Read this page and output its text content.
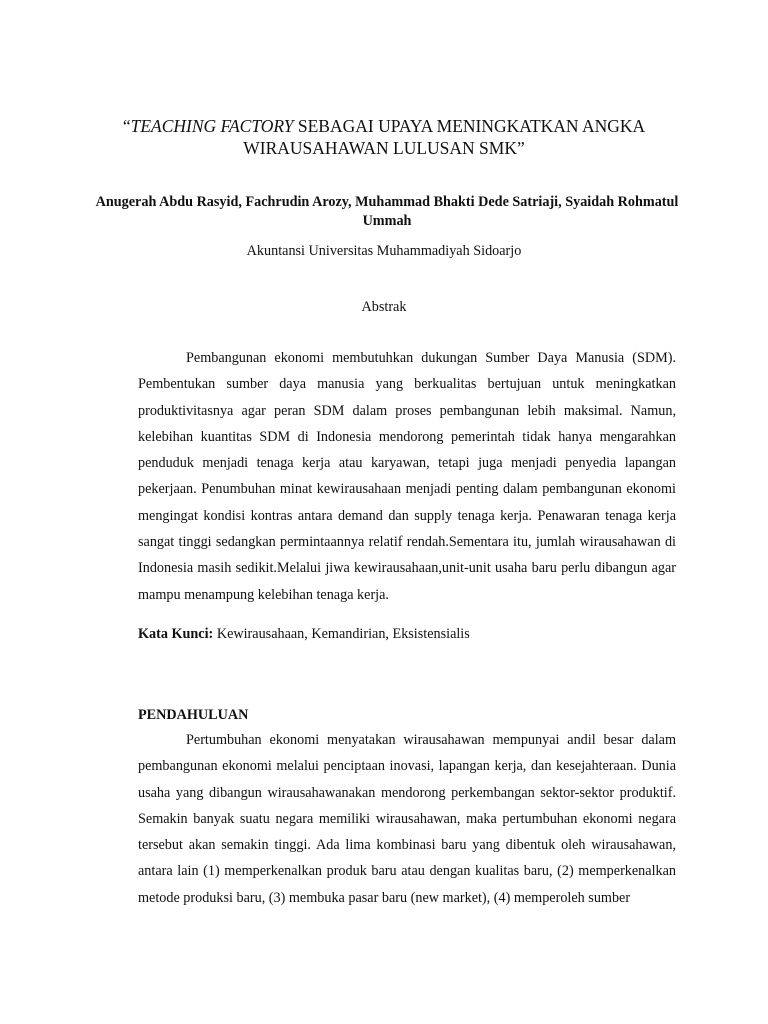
“TEACHING FACTORY SEBAGAI UPAYA MENINGKATKAN ANGKA WIRAUSAHAWAN LULUSAN SMK”
Anugerah Abdu Rasyid, Fachrudin Arozy, Muhammad Bhakti Dede Satriaji, Syaidah Rohmatul Ummah
Akuntansi Universitas Muhammadiyah Sidoarjo
Abstrak

Pembangunan ekonomi membutuhkan dukungan Sumber Daya Manusia (SDM). Pembentukan sumber daya manusia yang berkualitas bertujuan untuk meningkatkan produktivitasnya agar peran SDM dalam proses pembangunan lebih maksimal. Namun, kelebihan kuantitas SDM di Indonesia mendorong pemerintah tidak hanya mengarahkan penduduk menjadi tenaga kerja atau karyawan, tetapi juga menjadi penyedia lapangan pekerjaan. Penumbuhan minat kewirausahaan menjadi penting dalam pembangunan ekonomi mengingat kondisi kontras antara demand dan supply tenaga kerja. Penawaran tenaga kerja sangat tinggi sedangkan permintaannya relatif rendah.Sementara itu, jumlah wirausahawan di Indonesia masih sedikit.Melalui jiwa kewirausahaan,unit-unit usaha baru perlu dibangun agar mampu menampung kelebihan tenaga kerja.

Kata Kunci: Kewirausahaan, Kemandirian, Eksistensialis
PENDAHULUAN

Pertumbuhan ekonomi menyatakan wirausahawan mempunyai andil besar dalam pembangunan ekonomi melalui penciptaan inovasi, lapangan kerja, dan kesejahteraan. Dunia usaha yang dibangun wirausahawanakan mendorong perkembangan sektor-sektor produktif. Semakin banyak suatu negara memiliki wirausahawan, maka pertumbuhan ekonomi negara tersebut akan semakin tinggi. Ada lima kombinasi baru yang dibentuk oleh wirausahawan, antara lain (1) memperkenalkan produk baru atau dengan kualitas baru, (2) memperkenalkan metode produksi baru, (3) membuka pasar baru (new market), (4) memperoleh sumber
